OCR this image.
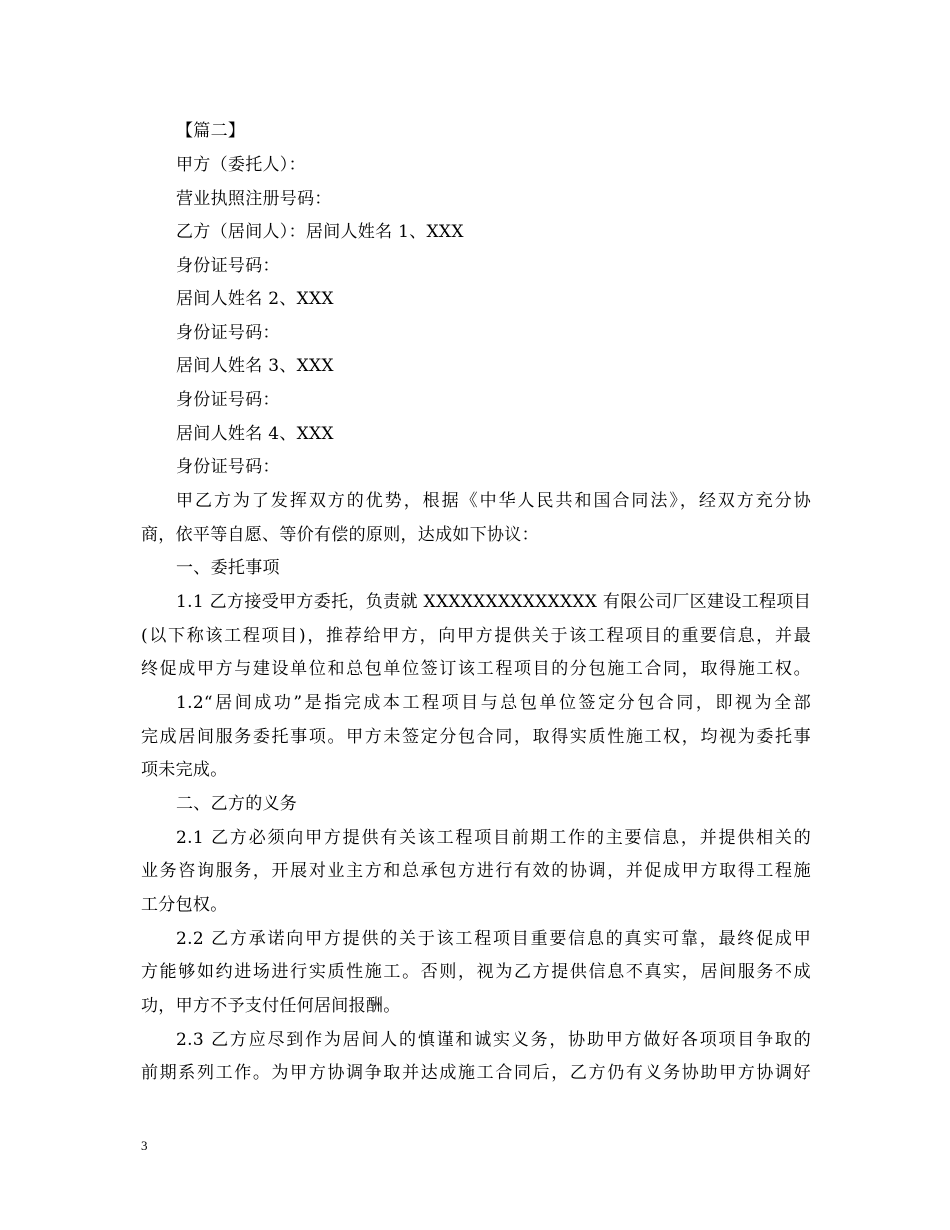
【篇二】
甲方（委托人）：
营业执照注册号码：
乙方（居间人）：居间人姓名 1、XXX
身份证号码：
居间人姓名 2、XXX
身份证号码：
居间人姓名 3、XXX
身份证号码：
居间人姓名 4、XXX
身份证号码：
甲乙方为了发挥双方的优势，根据《中华人民共和国合同法》，经双方充分协
商，依平等自愿、等价有偿的原则，达成如下协议：
一、委托事项
1.1 乙方接受甲方委托，负责就 XXXXXXXXXXXXXX 有限公司厂区建设工程项目
(以下称该工程项目)，推荐给甲方，向甲方提供关于该工程项目的重要信息，并最
终促成甲方与建设单位和总包单位签订该工程项目的分包施工合同，取得施工权。
1.2“居间成功”是指完成本工程项目与总包单位签定分包合同，即视为全部
完成居间服务委托事项。甲方未签定分包合同，取得实质性施工权，均视为委托事
项未完成。
二、乙方的义务
2.1 乙方必须向甲方提供有关该工程项目前期工作的主要信息，并提供相关的
业务咨询服务，开展对业主方和总承包方进行有效的协调，并促成甲方取得工程施
工分包权。
2.2 乙方承诺向甲方提供的关于该工程项目重要信息的真实可靠，最终促成甲
方能够如约进场进行实质性施工。否则，视为乙方提供信息不真实，居间服务不成
功，甲方不予支付任何居间报酬。
2.3 乙方应尽到作为居间人的慎谨和诚实义务，协助甲方做好各项项目争取的
前期系列工作。为甲方协调争取并达成施工合同后，乙方仍有义务协助甲方协调好
3
